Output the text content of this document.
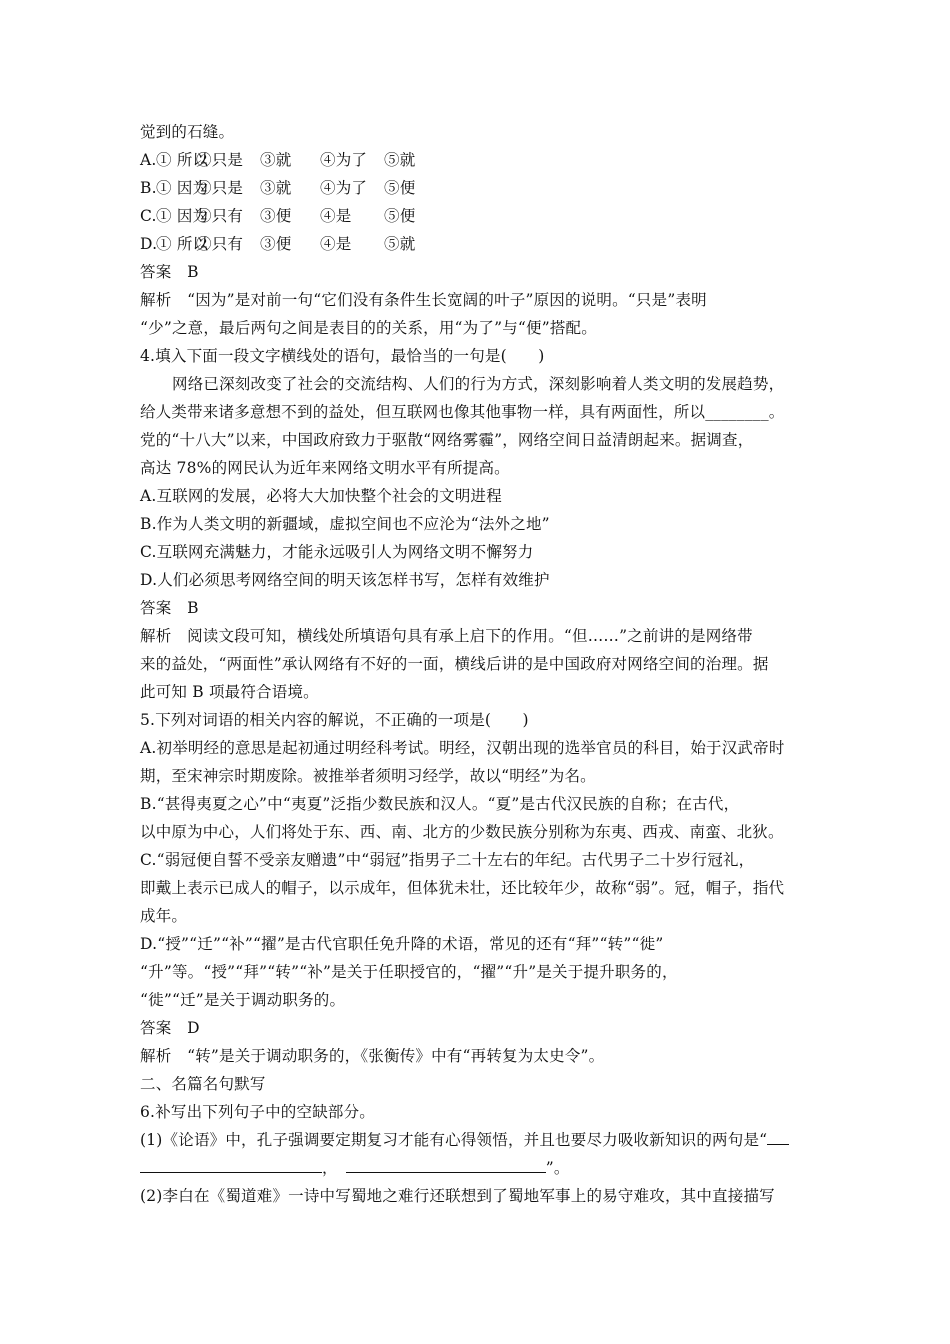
觉到的石缝。
A.① 所以②只是 ③就 ④为了 ⑤就
B.① 因为②只是 ③就 ④为了 ⑤便
C.① 因为②只有 ③便 ④是 ⑤便
D.① 所以②只有 ③便 ④是 ⑤就
答案　B
解析　“因为”是对前一句“它们没有条件生长宽阔的叶子”原因的说明。“只是”表明
“少”之意，最后两句之间是表目的的关系，用“为了”与“便”搭配。
4.填入下面一段文字横线处的语句，最恰当的一句是(　　)
网络已深刻改变了社会的交流结构、人们的行为方式，深刻影响着人类文明的发展趋势，
给人类带来诸多意想不到的益处，但互联网也像其他事物一样，具有两面性，所以________。
党的“十八大”以来，中国政府致力于驱散“网络雾霾”，网络空间日益清朗起来。据调查，
高达 78%的网民认为近年来网络文明水平有所提高。
A.互联网的发展，必将大大加快整个社会的文明进程
B.作为人类文明的新疆域，虚拟空间也不应沦为“法外之地”
C.互联网充满魅力，才能永远吸引人为网络文明不懈努力
D.人们必须思考网络空间的明天该怎样书写，怎样有效维护
答案　B
解析　阅读文段可知，横线处所填语句具有承上启下的作用。“但……”之前讲的是网络带
来的益处，“两面性”承认网络有不好的一面，横线后讲的是中国政府对网络空间的治理。据
此可知 B 项最符合语境。
5.下列对词语的相关内容的解说，不正确的一项是(　　)
A.初举明经的意思是起初通过明经科考试。明经，汉朝出现的选举官员的科目，始于汉武帝时
期，至宋神宗时期废除。被推举者须明习经学，故以“明经”为名。
B.“甚得夷夏之心”中“夷夏”泛指少数民族和汉人。“夏”是古代汉民族的自称；在古代，
以中原为中心，人们将处于东、西、南、北方的少数民族分别称为东夷、西戎、南蛮、北狄。
C.“弱冠便自誓不受亲友赠遗”中“弱冠”指男子二十左右的年纪。古代男子二十岁行冠礼，
即戴上表示已成人的帽子，以示成年，但体犹未壮，还比较年少，故称“弱”。冠，帽子，指代
成年。
D.“授”“迁”“补”“擢”是古代官职任免升降的术语，常见的还有“拜”“转”“徙”
“升”等。“授”“拜”“转”“补”是关于任职授官的，“擢”“升”是关于提升职务的，
“徙”“迁”是关于调动职务的。
答案　D
解析　“转”是关于调动职务的，《张衡传》中有“再转复为太史令”。
二、名篇名句默写
6.补写出下列句子中的空缺部分。
(1)《论语》中，孔子强调要定期复习才能有心得领悟，并且也要尽力吸收新知识的两句是“
，	”。
(2)李白在《蜀道难》一诗中写蜀地之难行还联想到了蜀地军事上的易守难攻，其中直接描写
